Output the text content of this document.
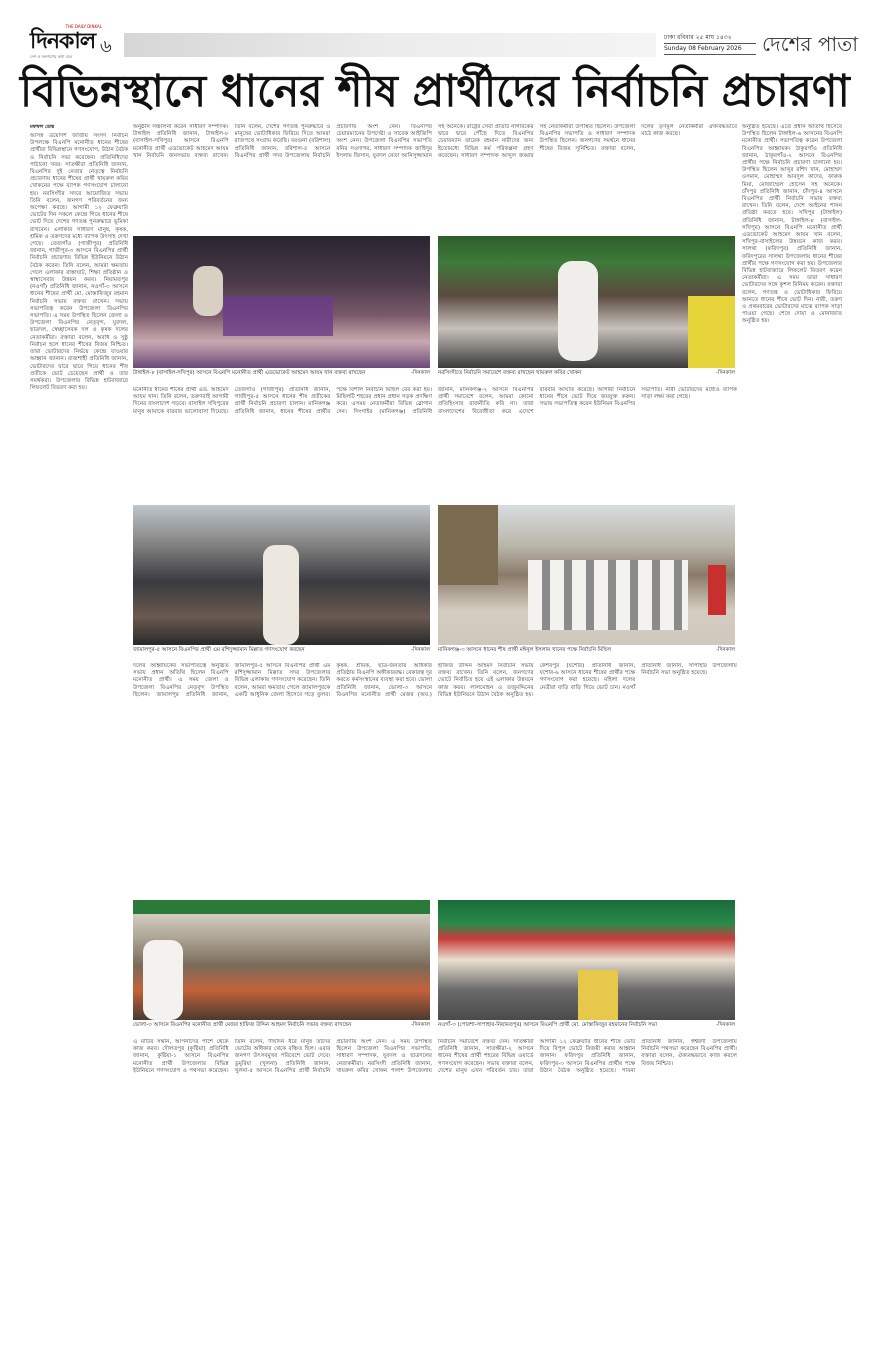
THE DAILY DINKAL
দিনকাল
দেশ ও জনগণের কথা বলে	৬	ঢাকা রবিবার ২৫ মাঘ ১৪৩২
Sunday 08 February 2026	দেশের পাতা
বিভিন্নস্থানে ধানের শীষ প্রার্থীদের নির্বাচনি প্রচারণা
মফস্বল ডেস্ক
আসন্ন ত্রয়োদশ জাতীয় সংসদ নির্বাচন উপলক্ষে বিএনপি মনোনীত ধানের শীষের প্রার্থীরা বিভিন্নস্থানে গণসংযোগ, উঠান বৈঠক ও নির্বাচনি সভা করেছেন। প্রতিনিধিদের পাঠানো খবর: সাতক্ষীরা প্রতিনিধি জানান, বিএনপির দুই নেতার নেতৃত্বে নির্বাচনি প্রচারণায় ধানের শীষের প্রার্থী খায়রুল কবির খোকনের পক্ষে ব্যাপক গণসংযোগ চালানো হয়। নরসিংদীর সদরে আয়োজিত সভায় তিনি বলেন, জনগণ পরিবর্তনের জন্য অপেক্ষা করছে। আগামী ১২ ফেব্রুয়ারি ভোটের দিন সকলে কেন্দ্রে গিয়ে ধানের শীষে ভোট দিয়ে দেশের গণতন্ত্র পুনরুদ্ধারে ভূমিকা রাখবেন। এলাকার সাধারণ মানুষ, কৃষক, শ্রমিক ও তরুণদের মধ্যে ব্যাপক উৎসাহ দেখা গেছে। তেজগাঁও (গাজীপুর) প্রতিনিধি জানান, গাজীপুর-৩ আসনে বিএনপির প্রার্থী নির্বাচনি প্রচারণায় বিভিন্ন ইউনিয়নে উঠান বৈঠক করেন। তিনি বলেন, আমরা ক্ষমতায় গেলে এলাকার রাস্তাঘাট, শিক্ষা প্রতিষ্ঠান ও স্বাস্থ্যসেবার উন্নয়ন করব। নিয়ামতপুর (নওগাঁ) প্রতিনিধি জানান, নওগাঁ-৩ আসনে ধানের শীষের প্রার্থী মো. মোস্তাফিজুর রহমান নির্বাচনি সভায় বক্তব্য রাখেন। সভায় সভাপতিত্ব করেন উপজেলা বিএনপির সভাপতি। এ সময় উপস্থিত ছিলেন জেলা ও উপজেলা বিএনপির নেতৃবৃন্দ, যুবদল, ছাত্রদল, স্বেচ্ছাসেবক দল ও কৃষক দলের নেতাকর্মীরা। বক্তারা বলেন, অবাধ ও সুষ্ঠু নির্বাচন হলে ধানের শীষের বিজয় নিশ্চিত। তারা ভোটারদের নির্ভয়ে কেন্দ্রে যাওয়ার আহ্বান জানান। রাজশাহী প্রতিনিধি জানান, ভোটারদের দ্বারে দ্বারে গিয়ে ধানের শীষ প্রতীকে ভোট চেয়েছেন প্রার্থী ও তার সমর্থকরা। উপজেলার বিভিন্ন হাটবাজারে লিফলেট বিতরণ করা হয়।
অনুষ্ঠিত হয়েছে। এতে প্রধান অতিথি হিসেবে উপস্থিত ছিলেন টাঙ্গাইল-৬ আসনের বিএনপি মনোনীত প্রার্থী। সভাপতিত্ব করেন উপজেলা বিএনপির আহ্বায়ক। ঠাকুরগাঁও প্রতিনিধি জানান, ঠাকুরগাঁও-২ আসনে বিএনপির প্রার্থীর পক্ষে নির্বাচনি প্রচারণা চালানো হয়। উপস্থিত ছিলেন আব্দুর রশিদ খান, মোহাম্মদ ওসমান, মোহাম্মদ আবদুল কাদের, ফারুক মিয়া, মোজাম্মেল হোসেন সহ অনেকে। চাঁদপুর প্রতিনিধি জানান, চাঁদপুর-৪ আসনে বিএনপির প্রার্থী নির্বাচনি সভায় বক্তব্য রাখেন। তিনি বলেন, দেশে আইনের শাসন প্রতিষ্ঠা করতে হবে। সখিপুর (টাঙ্গাইল) প্রতিনিধি জানান, টাঙ্গাইল-৮ (বাসাইল-সখিপুর) আসনে বিএনপি মনোনীত প্রার্থী এডভোকেট আহমেদ আযম খান বলেন, সখিপুর-বাসাইলের উন্নয়নে কাজ করব। সালথা (ফরিদপুর) প্রতিনিধি জানান, ফরিদপুরের সালথা উপজেলায় ধানের শীষের প্রার্থীর পক্ষে গণসংযোগ করা হয়। উপজেলার বিভিন্ন হাটবাজারে লিফলেট বিতরণ করেন নেতাকর্মীরা। এ সময় তারা সাধারণ ভোটারদের সঙ্গে কুশল বিনিময় করেন। বক্তারা বলেন, গণতন্ত্র ও ভোটাধিকার ফিরিয়ে আনতে ধানের শীষে ভোট দিন। নারী, তরুণ ও প্রথমবারের ভোটারদের মাঝে ব্যাপক সাড়া পাওয়া গেছে। শেষে দোয়া ও মোনাজাত অনুষ্ঠিত হয়।
অনুষ্ঠান সঞ্চালনা করেন সাধারণ সম্পাদক। টাঙ্গাইল প্রতিনিধি জানান, টাঙ্গাইল-৮ (বাসাইল-সখিপুর) আসনে বিএনপি মনোনীত প্রার্থী এডভোকেট আহমেদ আযম খান নির্বাচনি জনসভায় বক্তব্য রাখেন। তিনি বলেন, দেশের গণতন্ত্র পুনরুদ্ধারে ও মানুষের ভোটাধিকার ফিরিয়ে দিতে আমরা রাজপথে সংগ্রাম করেছি। বরগুনা (বরিশাল) প্রতিনিধি জানান, বরিশাল-৫ আসনে বিএনপির প্রার্থী সদর উপজেলায় নির্বাচনি প্রচারণায় অংশ নেন। বিএনপির চেয়ারম্যানের উপদেষ্টা ও সাবেক আইজিপি অংশ নেন। উপজেলা বিএনপির সভাপতি মনির সওদাগর, সাধারণ সম্পাদক জাহিদুর ইসলাম জিসান, যুবদল নেতা আনিসুজ্জামান সহ অনেকে। রাষ্ট্রের সেবা প্রতিটি নাগরিকের দ্বারে দ্বারে পৌঁছে দিতে বিএনপির চেয়ারম্যান তারেক রহমান নারীদের জন্য ইতোমধ্যে বিভিন্ন কর্ম পরিকল্পনা গ্রহণ করেছেন। সাধারণ সম্পাদক আব্দুল জব্বার সহ নেতাকর্মীরা উপস্থিত ছিলেন। উপজেলা বিএনপির সভাপতি ও সাধারণ সম্পাদক উপস্থিত ছিলেন। জনগণের সমর্থনে ধানের শীষের বিজয় সুনিশ্চিত। বক্তারা বলেন, দলের তৃণমূল নেতাকর্মীরা ঐক্যবদ্ধভাবে মাঠে কাজ করছে।
টাঙ্গাইল-৮ (বাসাইল-সখিপুর) আসনে বিএনপি মনোনীত প্রার্থী এডভোকেট আহমেদ আযম খান বক্তব্য রাখছেন	-দিনকাল নরসিংদীতে নির্বাচনি সমাবেশে বক্তব্য রাখছেন খায়রুল কবির খোকন	-দিনকাল
মনোনীত ধানের শীষের প্রার্থী এড. আহমেদ আযম খান। তিনি বলেন, তরুণরাই আগামী দিনের বাংলাদেশ গড়বে। বাসাইল সখিপুরের মানুষ আমাকে বারবার ভালোবাসা দিয়েছে। তেজগাঁও (গাজীপুর) প্রতিনিধি জানান, গাজীপুর-৫ আসনে ধানের শীষ প্রতীকের প্রার্থী নির্বাচনি প্রচারণা চালান। মানিকগঞ্জ প্রতিনিধি জানান, ধানের শীষের প্রার্থীর পক্ষে বিশাল নির্বাচনি মিছিল বের করা হয়। মিছিলটি শহরের প্রধান প্রধান সড়ক প্রদক্ষিণ করে। এসময় নেতাকর্মীরা বিভিন্ন স্লোগান দেন। সিংগাইর (মানিকগঞ্জ) প্রতিনিধি জানান, মানিকগঞ্জ-২ আসনে বিএনপির প্রার্থী সমাবেশে বলেন, আমরা কোনো প্রতিহিংসার রাজনীতি করি না। তারা বাংলাদেশের বিরোধীতা করে এদেশে বারবার আঘাত করেছে। আগামী নির্বাচনে ধানের শীষে ভোট দিয়ে জয়যুক্ত করুন। সভায় সভাপতিত্ব করেন ইউনিয়ন বিএনপির সভাপতি। নারী ভোটারদের মধ্যেও ব্যাপক সাড়া লক্ষ্য করা গেছে।
জামালপুর-৫ আসনে বিএনপির প্রার্থী এম রশিদুজ্জামান মিল্লাত গণসংযোগ করছেন	-দিনকাল মানিকগঞ্জ-৩ আসনে ধানের শীষ প্রার্থী মঈনুল ইসলাম খানের পক্ষে নির্বাচনি মিছিল	-দিনকাল
দলের আহ্বায়কের সভাপতিত্বে অনুষ্ঠিত সভায় প্রধান অতিথি ছিলেন বিএনপি মনোনীত প্রার্থী। এ সময় জেলা ও উপজেলা বিএনপির নেতৃবৃন্দ উপস্থিত ছিলেন। জামালপুর প্রতিনিধি জানান, জামালপুর-৫ আসনে বিএনপির প্রার্থী এম রশিদুজ্জামান মিল্লাত সদর উপজেলার বিভিন্ন এলাকায় গণসংযোগ করেছেন। তিনি বলেন, আমরা ক্ষমতায় গেলে জামালপুরকে একটি আধুনিক জেলা হিসেবে গড়ে তুলব। কৃষক, শ্রমিক, ছাত্র-জনতার অধিকার প্রতিষ্ঠায় বিএনপি অঙ্গীকারবদ্ধ। বেকারত্ব দূর করতে কর্মসংস্থানের ব্যবস্থা করা হবে। ভোলা প্রতিনিধি জানান, ভোলা-৩ আসনে বিএনপির মনোনীত প্রার্থী মেজর (অব.) হাফিজ উদ্দিন আহমদ নির্বাচনি সভায় বক্তব্য রাখেন। তিনি বলেন, জনগণের ভোটে নির্বাচিত হয়ে এই এলাকার উন্নয়নে কাজ করব। লালমোহন ও তজুমদ্দিনের বিভিন্ন ইউনিয়নে উঠান বৈঠক অনুষ্ঠিত হয়। কেশবপুর (যশোর) প্রতিনিধি জানান, যশোর-৬ আসনে ধানের শীষের প্রার্থীর পক্ষে গণসংযোগ করা হয়েছে। মহিলা দলের নেত্রীরা বাড়ি বাড়ি গিয়ে ভোট চান। নওগাঁ প্রতিনিধি জানান, সাপাহার উপজেলায় নির্বাচনি সভা অনুষ্ঠিত হয়েছে।
ভোলা-৩ আসনে বিএনপির মনোনীত প্রার্থী মেজর হাফিজ উদ্দিন আহমদ নির্বাচনি সভায় বক্তব্য রাখছেন	-দিনকাল নওগাঁ-৩ (পোরশা-সাপাহার-নিয়ামতপুর) আসনে বিএনপি প্রার্থী মো. মোস্তাফিজুর রহমানের নির্বাচনি সভা	-দিনকাল
এ মাটির সন্তান, আপনাদের পাশে থেকে কাজ করব। দৌলতপুর (কুষ্টিয়া) প্রতিনিধি জানান, কুষ্টিয়া-১ আসনে বিএনপির মনোনীত প্রার্থী উপজেলার বিভিন্ন ইউনিয়নে গণসংযোগ ও পথসভা করেছেন। তিনি বলেন, দীর্ঘদিন ধরে মানুষ তাদের ভোটের অধিকার থেকে বঞ্চিত ছিল। এবার জনগণ উৎসবমুখর পরিবেশে ভোট দেবে। ডুমুরিয়া (খুলনা) প্রতিনিধি জানান, খুলনা-৫ আসনে বিএনপির প্রার্থী নির্বাচনি প্রচারণায় অংশ নেন। এ সময় উপস্থিত ছিলেন উপজেলা বিএনপির সভাপতি, সাধারণ সম্পাদক, যুবদল ও ছাত্রদলের নেতাকর্মীরা। নরসিংদী প্রতিনিধি জানান, খায়রুল কবির খোকন পলাশ উপজেলায় নির্বাচনি সমাবেশে বক্তব্য দেন। সাতক্ষীরা প্রতিনিধি জানান, সাতক্ষীরা-২ আসনে ধানের শীষের প্রার্থী শহরের বিভিন্ন ওয়ার্ডে গণসংযোগ করেছেন। সভায় বক্তারা বলেন, দেশের মানুষ এখন পরিবর্তন চায়। তারা আগামী ১২ ফেব্রুয়ারি ধানের শীষে ভোট দিয়ে বিপুল ভোটে বিজয়ী করার আহ্বান জানান। ফরিদপুর প্রতিনিধি জানান, ফরিদপুর-৩ আসনে বিএনপির প্রার্থীর পক্ষে উঠান বৈঠক অনুষ্ঠিত হয়েছে। পাবনা প্রতিনিধি জানান, ঈশ্বরদী উপজেলায় নির্বাচনি পথসভা করেছেন বিএনপির প্রার্থী। বক্তারা বলেন, ঐক্যবদ্ধভাবে কাজ করলে বিজয় নিশ্চিত।
